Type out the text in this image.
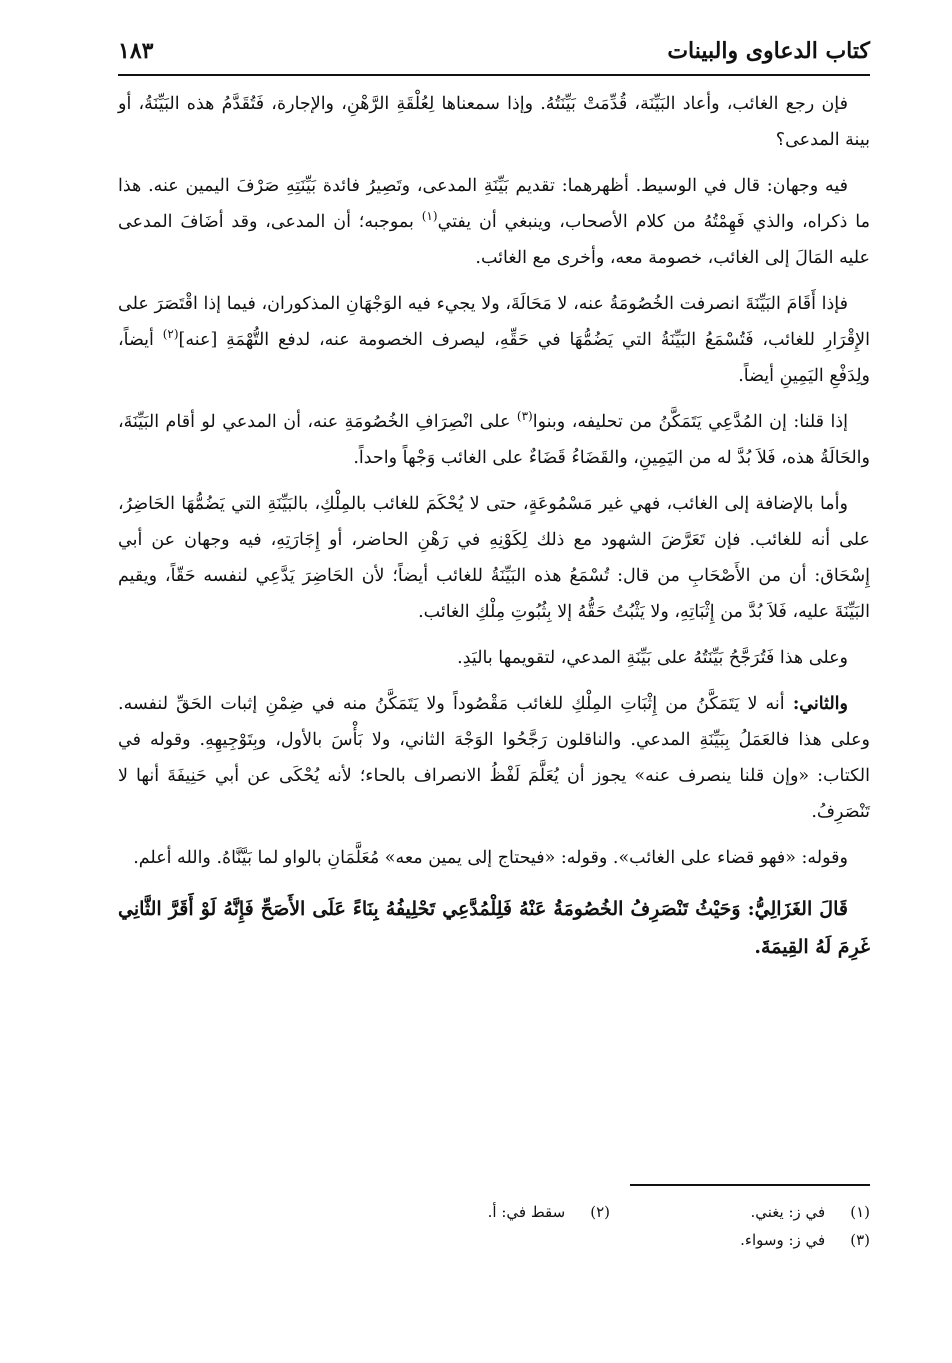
كتاب الدعاوى والبينات
١٨٣

فإن رجع الغائب، وأعاد البَيِّنَة، قُدِّمَتْ بَيِّنَتُهُ. وإذا سمعناها لِعُلْقَةِ الرَّهْنِ، والإجارة، فَتُقَدَّمُ هذه البَيِّنَةُ، أو بينة المدعى؟

فيه وجهان: قال في الوسيط. أظهرهما: تقديم بَيِّنَةِ المدعى، وتَصِيرُ فائدة بَيِّنَتِهِ صَرْفَ اليمين عنه. هذا ما ذكراه، والذي فَهِمْتُهُ من كلام الأصحاب، وينبغي أن يفتي$^{(١)}$ بموجبه؛ أن المدعى، وقد أضَافَ المدعى عليه المَالَ إلى الغائب، خصومة معه، وأخرى مع الغائب.

فإذا أَقَامَ البَيِّنَةَ انصرفت الخُصُومَةُ عنه، لا مَحَالَةَ، ولا يجيء فيه الوَجْهَانِ المذكوران، فيما إذا اقْتَصَرَ على الإِقْرَارِ للغائب، فَتُسْمَعُ البَيِّنَةُ التي يَضُمُّهَا في حَقِّهِ، ليصرف الخصومة عنه، لدفع التُّهْمَةِ [عنه]$^{(٢)}$ أيضاً، ولِدَفْعِ اليَمِينِ أيضاً.

إذا قلنا: إن المُدَّعِي يَتَمَكَّنُ من تحليفه، وبنوا$^{(٣)}$ على انْصِرَافِ الخُصُومَةِ عنه، أن المدعي لو أقام البَيِّنَةَ، والحَالَةُ هذه، فَلاَ بُدَّ له من اليَمِينِ، والقَضَاءُ قَضَاءٌ على الغائب وَجْهاً واحداً.

وأما بالإضافة إلى الغائب، فهي غير مَسْمُوعَةٍ، حتى لا يُحْكَمَ للغائب بالمِلْكِ، بالبَيِّنَةِ التي يَضُمُّهَا الحَاضِرُ، على أنه للغائب. فإن تَعَرَّضَ الشهود مع ذلك لِكَوْنِهِ في رَهْنِ الحاضر، أو إِجَارَتِهِ، فيه وجهان عن أبي إِسْحَاق: أن من الأَصْحَابِ من قال: تُسْمَعُ هذه البَيِّنَةُ للغائب أيضاً؛ لأن الحَاضِرَ يَدَّعِي لنفسه حَقّاً، ويقيم البَيِّنَةَ عليه، فَلاَ بُدَّ من إِثْبَاتِهِ، ولا يَثْبُتُ حَقُّهُ إلا بِثُبُوتِ مِلْكِ الغائب.

وعلى هذا فَتُرَجَّحُ بَيِّنَتُهُ على بَيِّنَةِ المدعي، لتقويمها باليَدِ.

والثاني: أنه لا يَتَمَكَّنُ من إِثْبَاتِ المِلْكِ للغائب مَقْصُوداً ولا يَتَمَكَّنُ منه في ضِمْنِ إثبات الحَقِّ لنفسه. وعلى هذا فالعَمَلُ بِبَيِّنَةِ المدعي. والناقلون رَجَّحُوا الوَجْهَ الثاني، ولا بَأْسَ بالأول، وبِتَوْجِيهِهِ. وقوله في الكتاب: «وإن قلنا ينصرف عنه» يجوز أن يُعَلَّمَ لَفْظُ الانصراف بالحاء؛ لأنه يُحْكَى عن أبي حَنِيفَةَ أنها لا تَنْصَرِفُ.

وقوله: «فهو قضاء على الغائب». وقوله: «فيحتاج إلى يمين معه» مُعَلَّمَانِ بالواو لما بَيَّنَّاهُ. والله أعلم.

قَالَ الغَزَالِيُّ: وَحَيْثُ تَنْصَرِفُ الخُصُومَةُ عَنْهُ فَلِلْمُدَّعِي تَحْلِيفُهُ بِنَاءً عَلَى الأَصَحِّ فَإِنَّهُ لَوْ أَقَرَّ الثَّانِي غَرِمَ لَهُ القِيمَةَ.

(١) في ز: يغني.
(٢) سقط في: أ.
(٣) في ز: وسواء.
